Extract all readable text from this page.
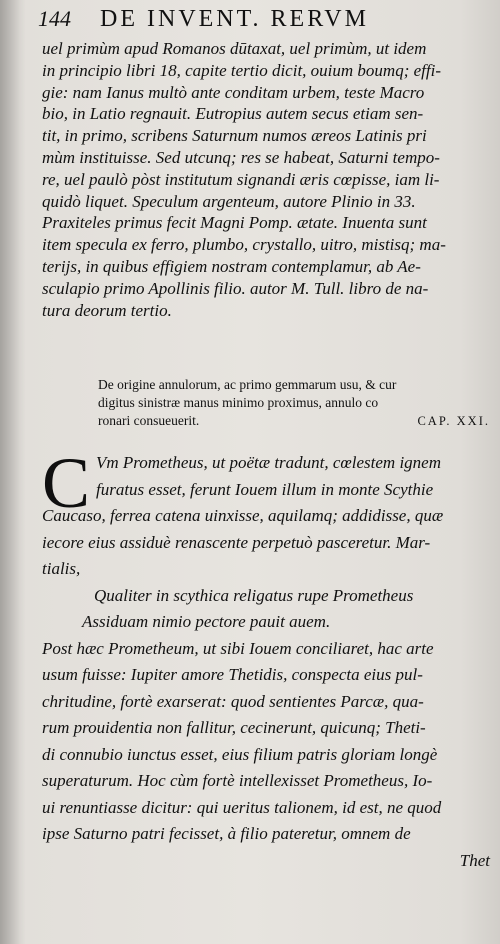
144 DE INVENT. RERVM
uel primùm apud Romanos dūtaxat, uel primùm, ut idem
in principio libri 18, capite tertio dicit, ouium boumq; effi-
gie: nam Ianus multò ante conditam urbem, teste Macro
bio, in Latio regnauit. Eutropius autem secus etiam sen-
tit, in primo, scribens Saturnum numos æreos Latinis pri
mùm instituisse. Sed utcunq; res se habeat, Saturni tempo-
re, uel paulò pòst institutum signandi æris cœpisse, iam li-
quidò liquet. Speculum argenteum, autore Plinio in 33.
Praxiteles primus fecit Magni Pomp. ætate. Inuenta sunt
item specula ex ferro, plumbo, crystallo, uitro, mistisq; ma-
terijs, in quibus effigiem nostram contemplamur, ab Ae-
sculapio primo Apollinis filio. autor M. Tull. libro de na-
tura deorum tertio.
De origine annulorum, ac primo gemmarum usu, & cur
digitus sinistræ manus minimo proximus, annulo co
ronari consueuerit.	CAP. XXI.
C Vm Prometheus, ut poëtæ tradunt, cœlestem ignem
furatus esset, ferunt Iouem illum in monte Scythie
Caucaso, ferrea catena uinxisse, aquilamq; addidisse, quæ
iecore eius assiduè renascente perpetuò pasceretur. Mar-
tialis,
Qualiter in scythica religatus rupe Prometheus
Assiduam nimio pectore pauit auem.
Post hæc Prometheum, ut sibi Iouem conciliaret, hac arte
usum fuisse: Iupiter amore Thetidis, conspecta eius pul-
chritudine, fortè exarserat: quod sentientes Parcæ, qua-
rum prouidentia non fallitur, cecinerunt, quicunq; Theti-
di connubio iunctus esset, eius filium patris gloriam longè
superaturum. Hoc cùm fortè intellexisset Prometheus, Io-
ui renuntiasse dicitur: qui ueritus talionem, id est, ne quod
ipse Saturno patri fecisset, à filio pateretur, omnem de
Thet
